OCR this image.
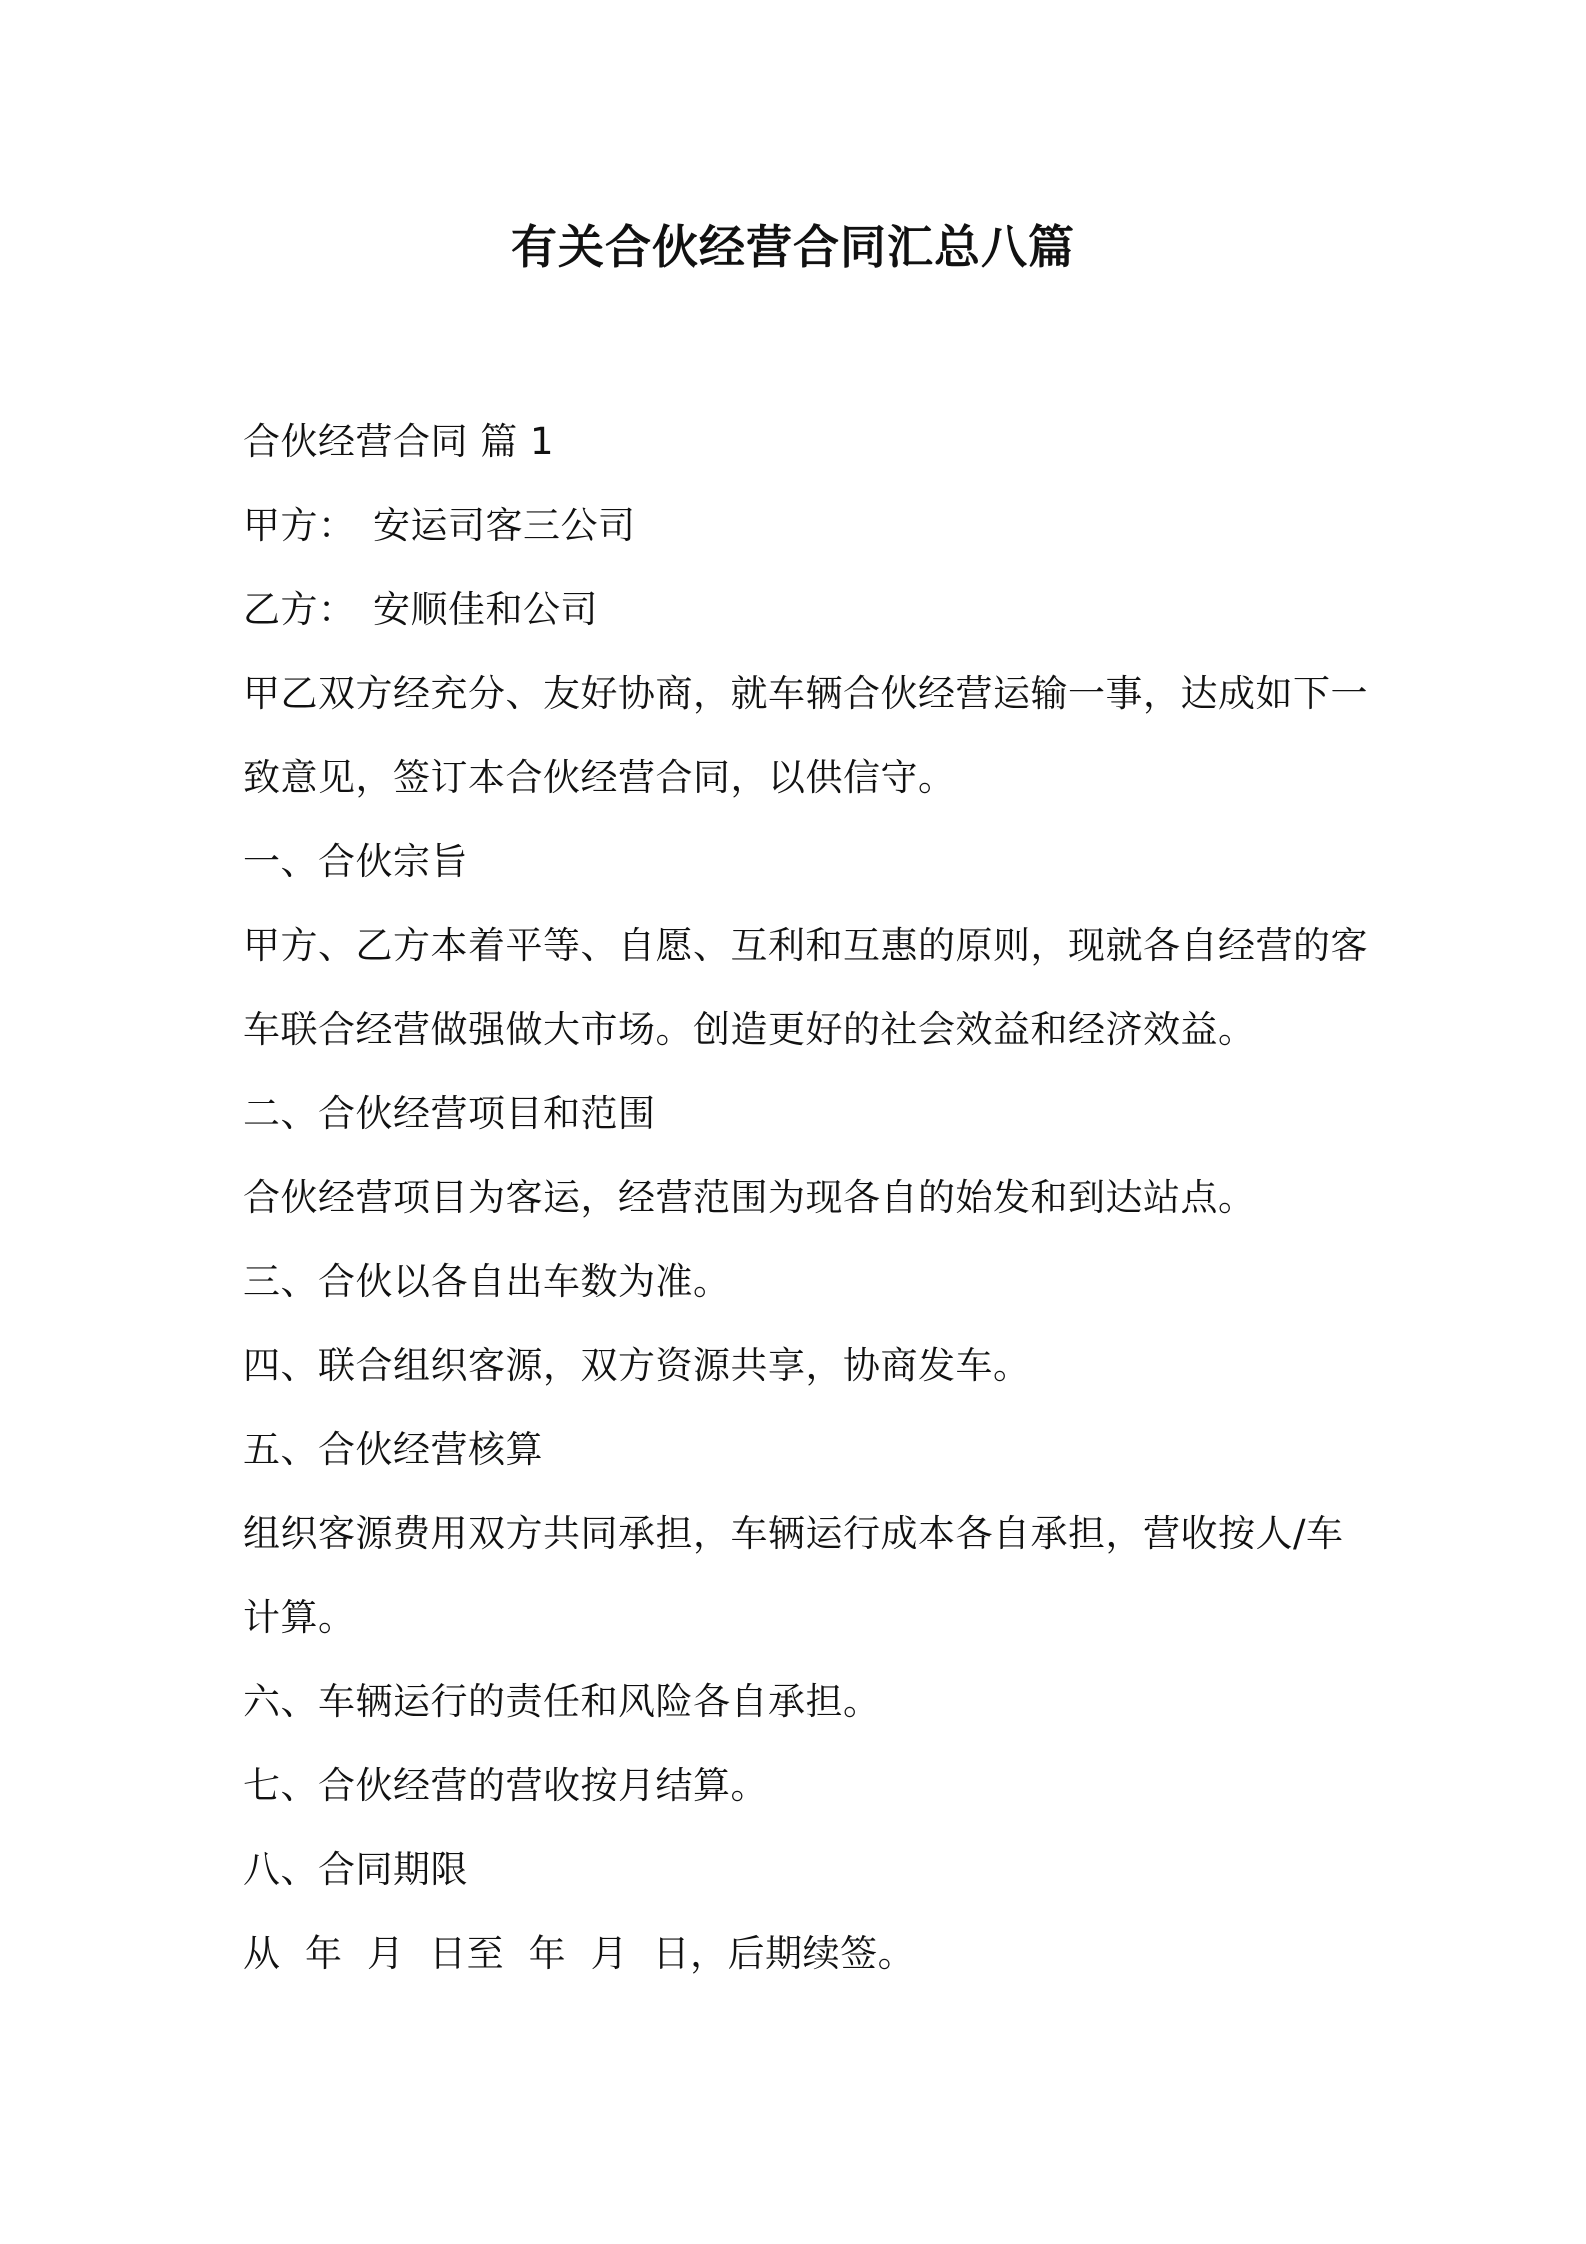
有关合伙经营合同汇总八篇
合伙经营合同 篇 1
甲方： 安运司客三公司
乙方： 安顺佳和公司
甲乙双方经充分、友好协商，就车辆合伙经营运输一事，达成如下一
致意见，签订本合伙经营合同，以供信守。
一、合伙宗旨
甲方、乙方本着平等、自愿、互利和互惠的原则，现就各自经营的客
车联合经营做强做大市场。创造更好的社会效益和经济效益。
二、合伙经营项目和范围
合伙经营项目为客运，经营范围为现各自的始发和到达站点。
三、合伙以各自出车数为准。
四、联合组织客源，双方资源共享，协商发车。
五、合伙经营核算
组织客源费用双方共同承担，车辆运行成本各自承担，营收按人/车
计算。
六、车辆运行的责任和风险各自承担。
七、合伙经营的营收按月结算。
八、合同期限
从  年  月  日至  年  月  日，后期续签。
